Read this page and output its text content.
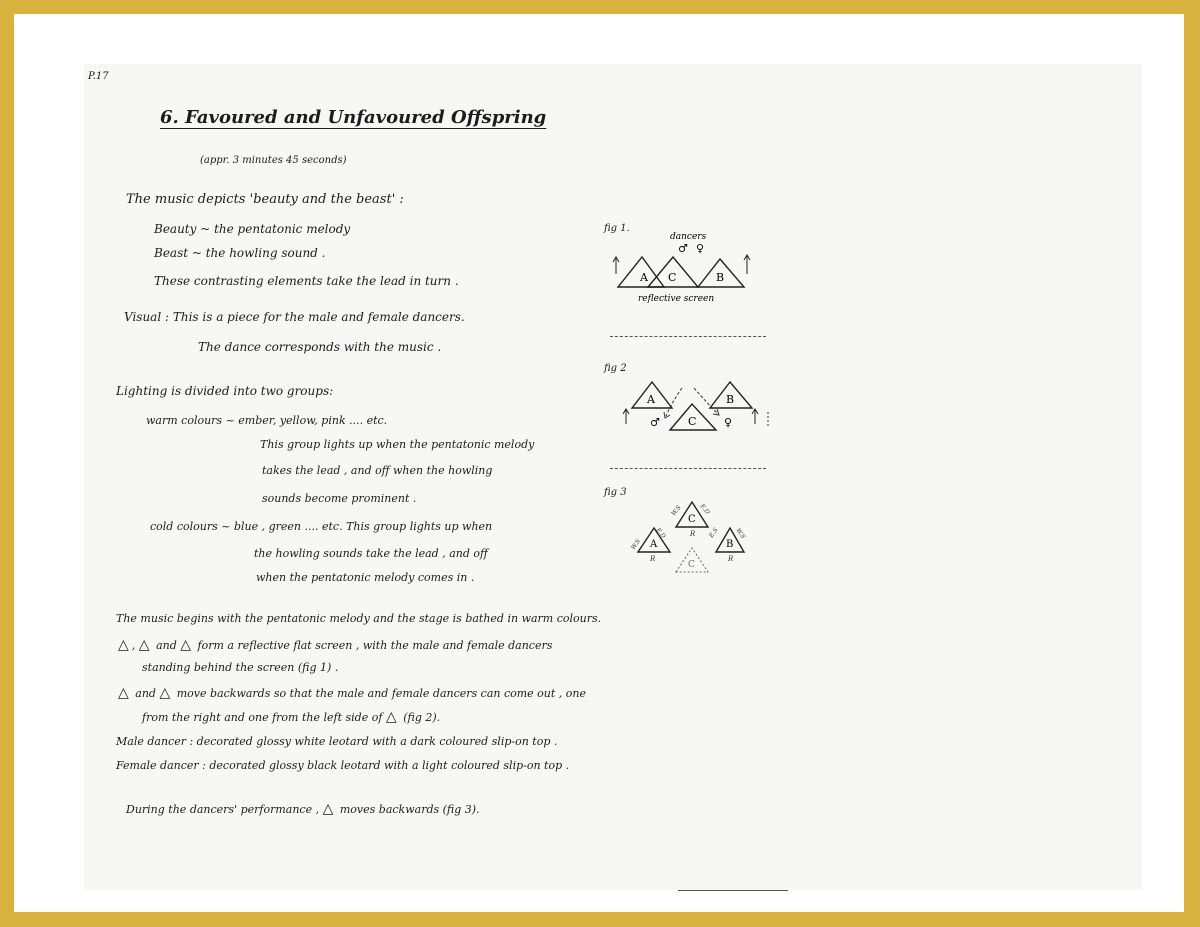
P.17
6. Favoured and Unfavoured Offspring
(appr. 3 minutes 45 seconds)
The music depicts 'beauty and the beast' :
Beauty ~ the pentatonic melody
Beast ~ the howling sound .
These contrasting elements take the lead in turn .
Visual : This is a piece for the male and female dancers.
The dance corresponds with the music .
Lighting is divided into two groups:
warm colours ~ ember, yellow, pink .... etc.
This group lights up when the pentatonic melody
takes the lead , and off when the howling
sounds become prominent .
cold colours ~ blue , green .... etc. This group lights up when
the howling sounds take the lead , and off
when the pentatonic melody comes in .
The music begins with the pentatonic melody and the stage is bathed in warm colours.
△ , △ and △ form a reflective flat screen , with the male and female dancers
standing behind the screen (fig 1) .
△ and △ move backwards so that the male and female dancers can come out , one
from the right and one from the left side of △ (fig 2).
Male dancer : decorated glossy white leotard with a dark coloured slip-on top .
Female dancer : decorated glossy black leotard with a light coloured slip-on top .
During the dancers' performance , △ moves backwards (fig 3).
fig 1.
dancers
♂ ♀
A C	B
reflective screen
fig 2
A
C
B
♂	♀
fig 3
C
A	B
C
W.S	E.D
W.S
E.D	E.S W.S
R
R	R
